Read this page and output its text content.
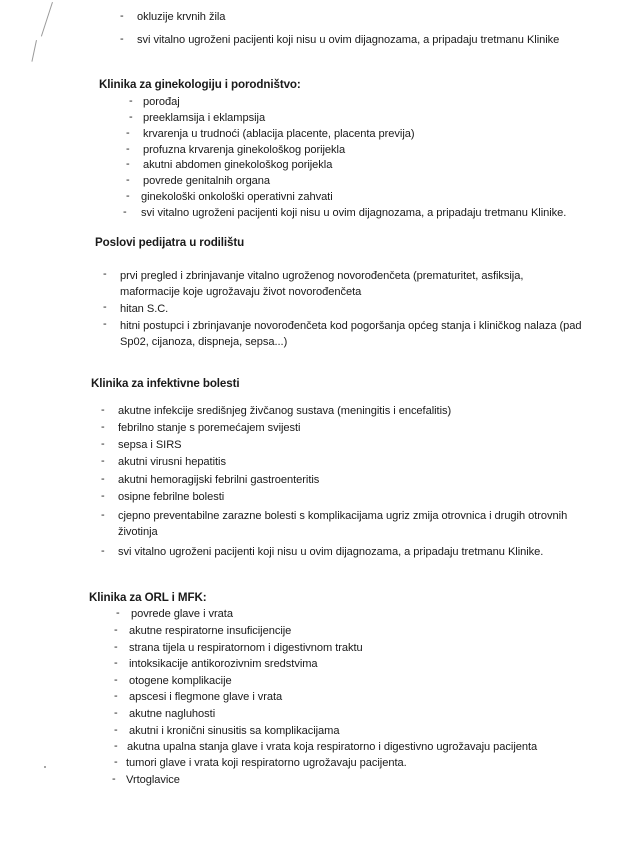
- okluzije krvnih žila
- svi vitalno ugroženi pacijenti koji nisu u ovim dijagnozama, a pripadaju tretmanu Klinike
Klinika za ginekologiju i porodništvo:
- porođaj
- preeklamsija i eklampsija
- krvarenja u trudnoći (ablacija placente, placenta previja)
- profuzna krvarenja ginekološkog porijekla
- akutni abdomen ginekološkog porijekla
- povrede genitalnih organa
- ginekološki onkološki operativni zahvati
- svi vitalno ugroženi pacijenti koji nisu u ovim dijagnozama, a pripadaju tretmanu Klinike.
Poslovi pedijatra u rodilištu
- prvi pregled i zbrinjavanje vitalno ugroženog novorođenčeta (prematuritet, asfiksija,
maformacije koje ugrožavaju život novorođenčeta
- hitan S.C.
- hitni postupci i zbrinjavanje novorođenčeta kod pogoršanja općeg stanja i kliničkog nalaza (pad
Sp02, cijanoza, dispneja, sepsa...)
Klinika za infektivne bolesti
- akutne infekcije središnjeg živčanog sustava (meningitis i encefalitis)
- febrilno stanje s poremećajem svijesti
- sepsa i SIRS
- akutni virusni hepatitis
- akutni hemoragijski febrilni gastroenteritis
- osipne febrilne bolesti
- cjepno preventabilne zarazne bolesti s komplikacijama ugriz zmija otrovnica i drugih otrovnih
životinja
- svi vitalno ugroženi pacijenti koji nisu u ovim dijagnozama, a pripadaju tretmanu Klinike.
Klinika za ORL i MFK:
- povrede glave i vrata
- akutne respiratorne insuficijencije
- strana tijela u respiratornom i digestivnom traktu
- intoksikacije antikorozivnim sredstvima
- otogene komplikacije
- apscesi i flegmone glave i vrata
- akutne nagluhosti
- akutni i kronični sinusitis sa komplikacijama
- akutna upalna stanja glave i vrata koja respiratorno i digestivno ugrožavaju pacijenta
- tumori glave i vrata koji respiratorno ugrožavaju pacijenta.
- Vrtoglavice
